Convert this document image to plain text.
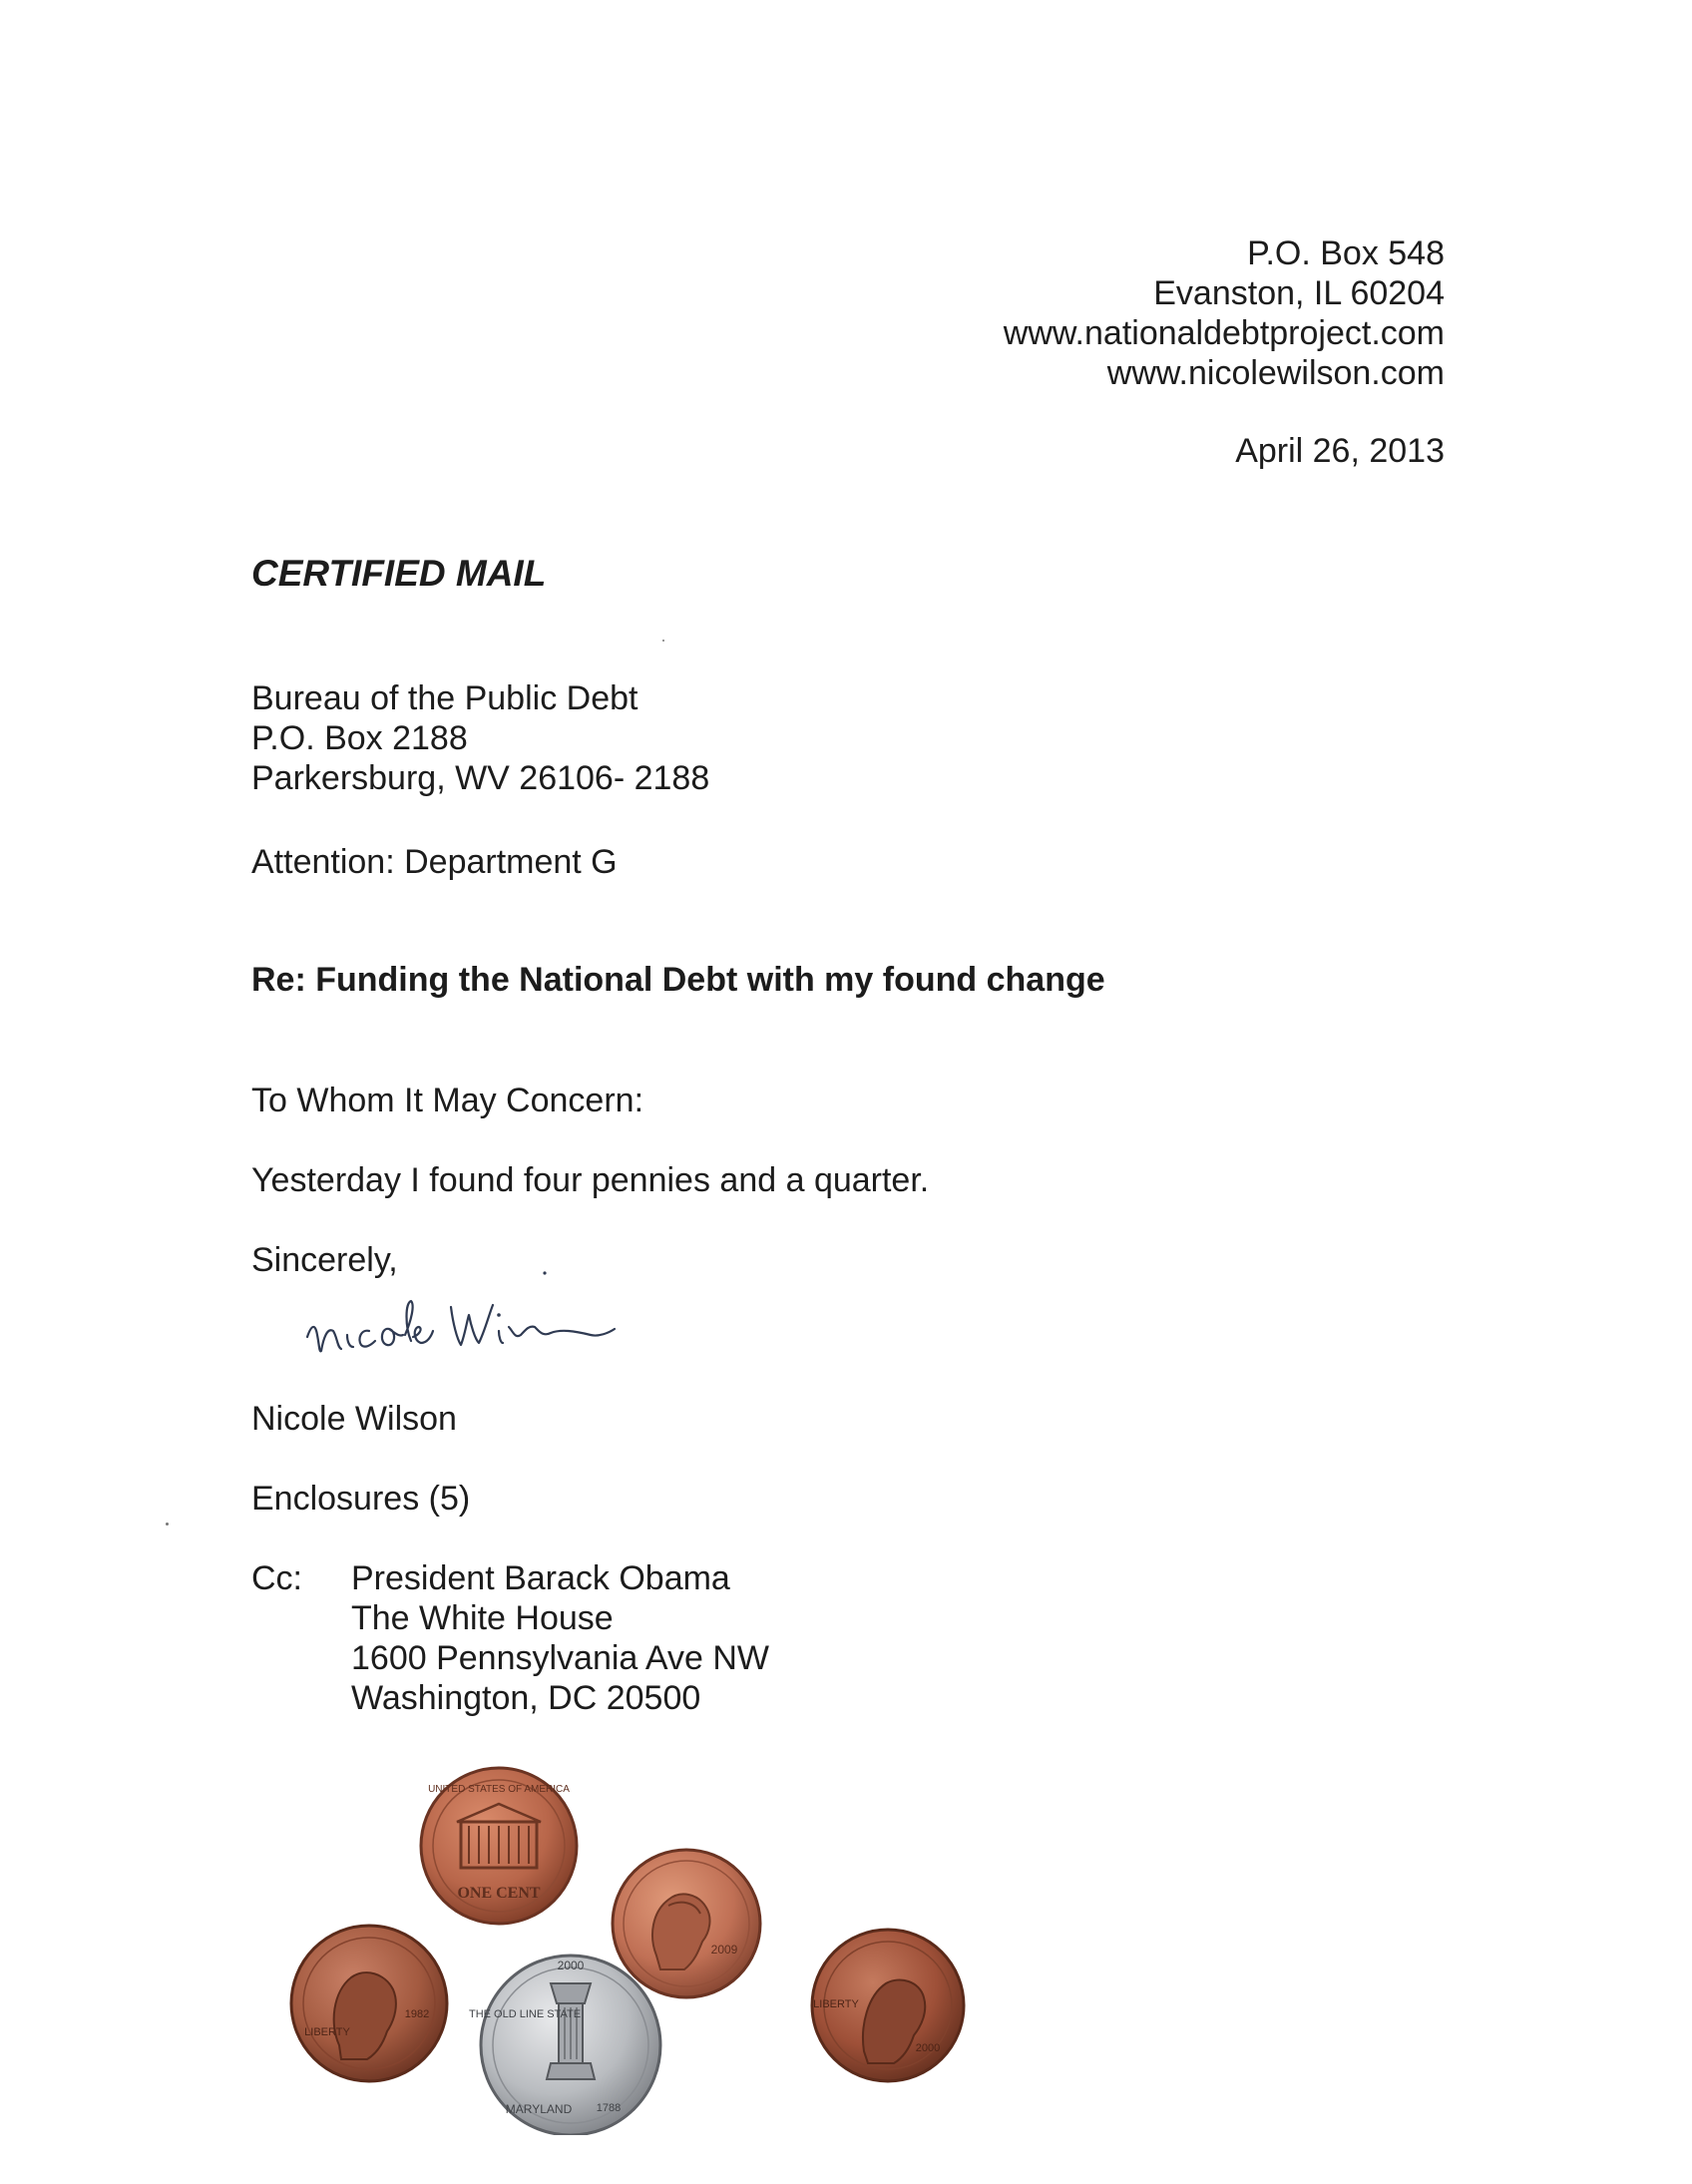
P.O. Box 548
Evanston, IL 60204
www.nationaldebtproject.com
www.nicolewilson.com
April 26, 2013
CERTIFIED MAIL
Bureau of the Public Debt
P.O. Box 2188
Parkersburg, WV 26106- 2188
Attention: Department G
Re: Funding the National Debt with my found change
To Whom It May Concern:
Yesterday I found four pennies and a quarter.
Sincerely,
Nicole Wilson
Enclosures (5)
Cc: President Barack Obama
The White House
1600 Pennsylvania Ave NW
Washington, DC 20500
UNITED STATES OF AMERICA
ONE CENT
2009
LIBERTY
1982
2000
THE OLD LINE STATE
MARYLAND 1788
LIBERTY
2000
